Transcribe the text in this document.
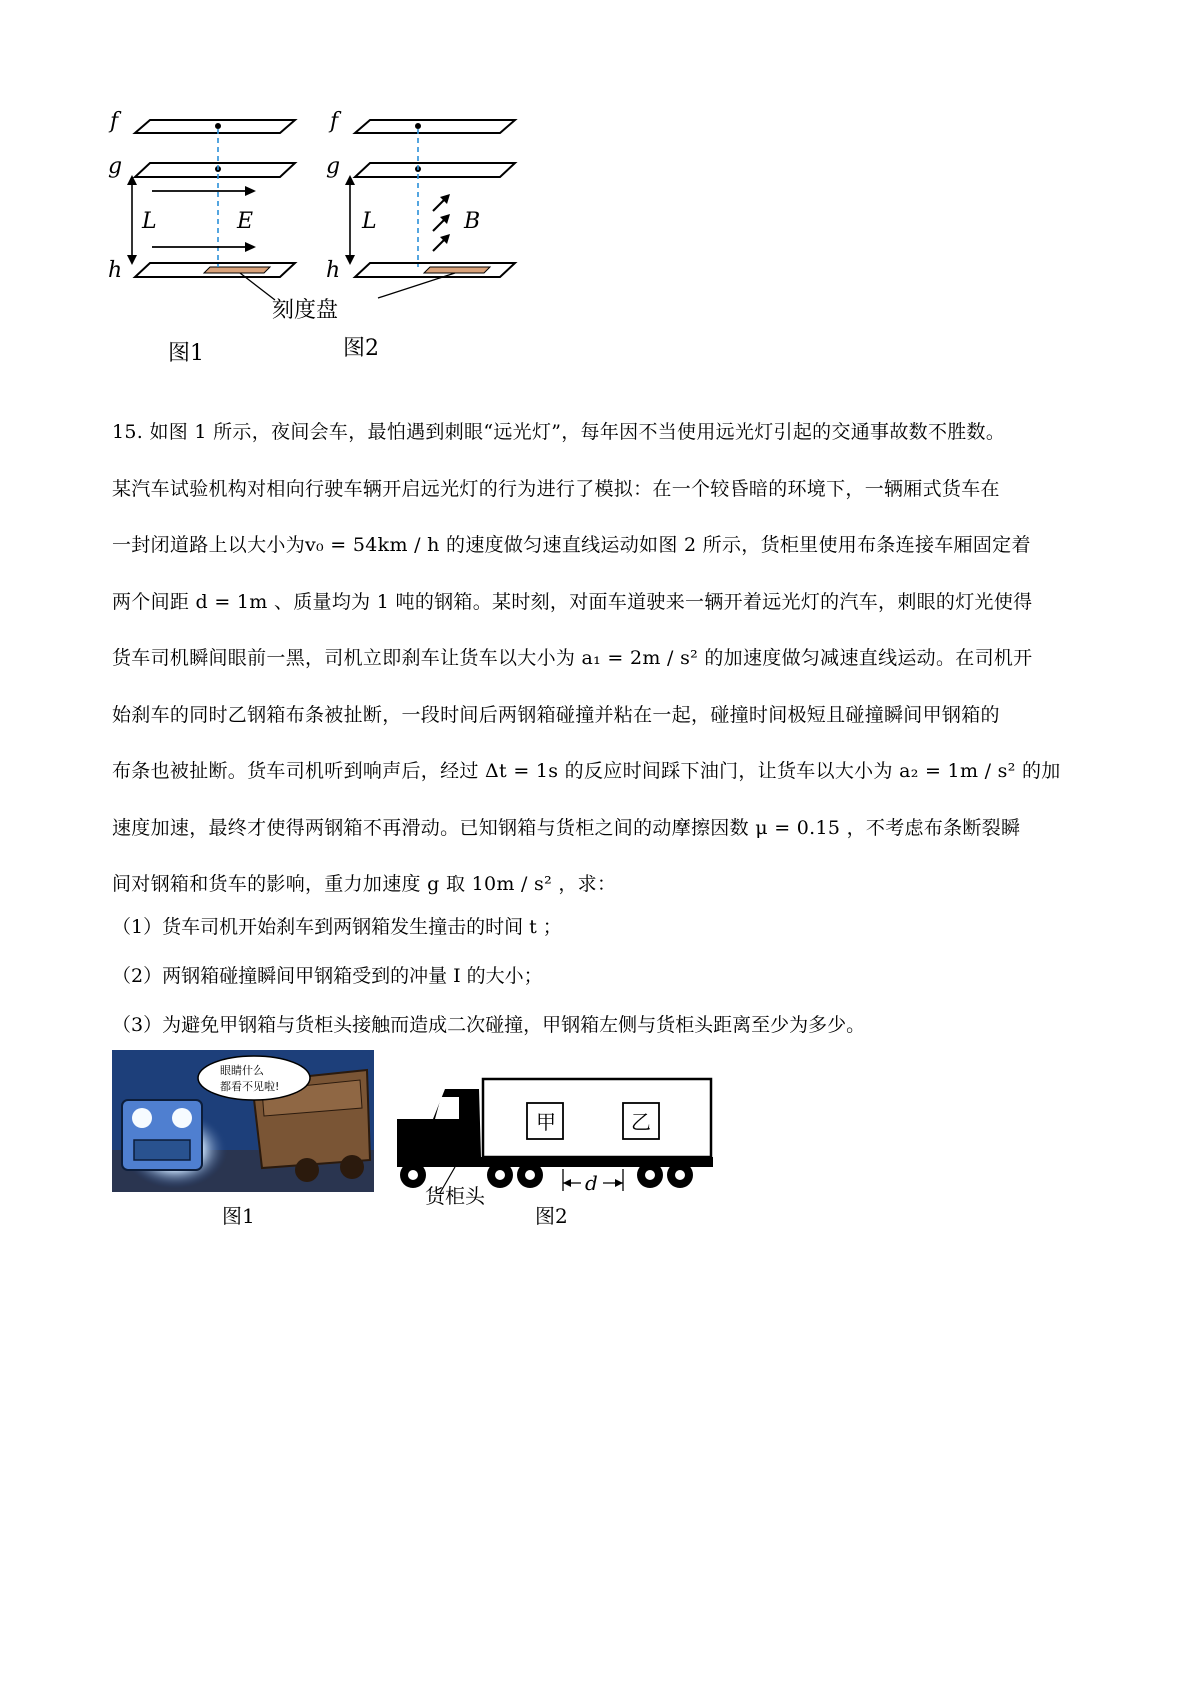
f
g
h
L	E
f
g
h
L	B
刻度盘
图1	图2

15. 如图 1 所示，夜间会车，最怕遇到刺眼“远光灯”，每年因不当使用远光灯引起的交通事故数不胜数。

某汽车试验机构对相向行驶车辆开启远光灯的行为进行了模拟：在一个较昏暗的环境下，一辆厢式货车在

一封闭道路上以大小为v₀ = 54km / h 的速度做匀速直线运动如图 2 所示，货柜里使用布条连接车厢固定着

两个间距 d = 1m 、质量均为 1 吨的钢箱。某时刻，对面车道驶来一辆开着远光灯的汽车，刺眼的灯光使得

货车司机瞬间眼前一黑，司机立即刹车让货车以大小为 a₁ = 2m / s² 的加速度做匀减速直线运动。在司机开

始刹车的同时乙钢箱布条被扯断，一段时间后两钢箱碰撞并粘在一起，碰撞时间极短且碰撞瞬间甲钢箱的

布条也被扯断。货车司机听到响声后，经过 Δt = 1s 的反应时间踩下油门，让货车以大小为 a₂ = 1m / s² 的加

速度加速，最终才使得两钢箱不再滑动。已知钢箱与货柜之间的动摩擦因数 μ = 0.15 ，不考虑布条断裂瞬

间对钢箱和货车的影响，重力加速度 g 取 10m / s² ，求：

（1）货车司机开始刹车到两钢箱发生撞击的时间 t ；
（2）两钢箱碰撞瞬间甲钢箱受到的冲量 I 的大小；
（3）为避免甲钢箱与货柜头接触而造成二次碰撞，甲钢箱左侧与货柜头距离至少为多少。
眼睛什么
都看不见啦!
图1
甲	乙
d
货柜头
图2
